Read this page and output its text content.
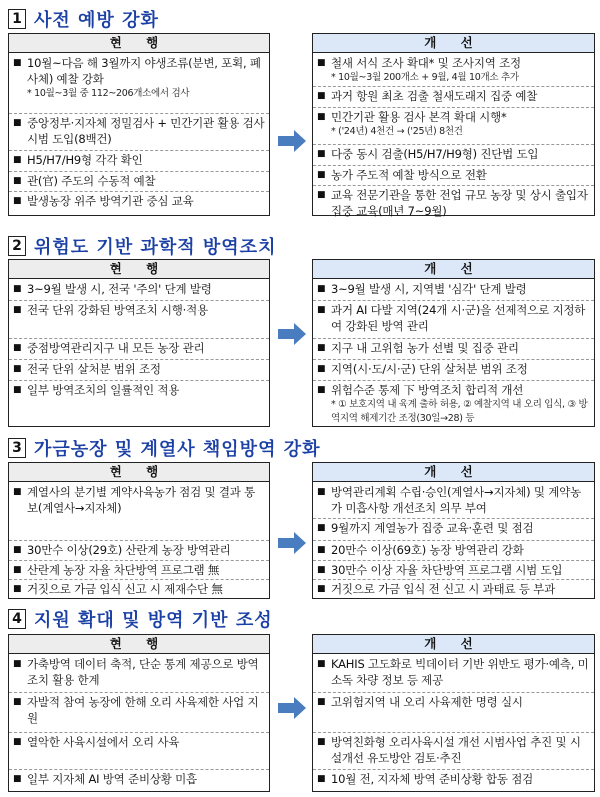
1 사전 예방 강화
현 행
■ 10월~다음 해 3월까지 야생조류(분변, 포획, 폐사체) 예찰 강화
* 10월~3월 중 112~206개소에서 검사
■ 중앙정부·지자체 정밀검사 + 민간기관 활용 검사 시범 도입(8백건)
■ H5/H7/H9형 각각 확인
■ 관(官) 주도의 수동적 예찰
■ 발생농장 위주 방역기관 중심 교육
개 선
■ 철새 서식 조사 확대* 및 조사지역 조정
* 10월~3월 200개소 + 9월, 4월 10개소 추가
■ 과거 항원 최초 검출 철새도래지 집중 예찰
■ 민간기관 활용 검사 본격 확대 시행*
* ('24년) 4천건 → ('25년) 8천건
■ 다중 동시 검출(H5/H7/H9형) 진단법 도입
■ 농가 주도적 예찰 방식으로 전환
■ 교육 전문기관을 통한 전업 규모 농장 및 상시 출입자 집중 교육(매년 7~9월)
2 위험도 기반 과학적 방역조치
현 행
■ 3~9월 발생 시, 전국 '주의' 단계 발령
■ 전국 단위 강화된 방역조치 시행·적용
■ 중점방역관리지구 내 모든 농장 관리
■ 전국 단위 살처분 범위 조정
■ 일부 방역조치의 일률적인 적용
개 선
■ 3~9월 발생 시, 지역별 '심각' 단계 발령
■ 과거 AI 다발 지역(24개 시·군)을 선제적으로 지정하여 강화된 방역 관리
■ 지구 내 고위험 농가 선별 및 집중 관리
■ 지역(시·도/시·군) 단위 살처분 범위 조정
■ 위험수준 통제 下 방역조치 합리적 개선
* ① 보호지역 내 육계 출하 허용, ② 예찰지역 내 오리 입식, ③ 방역지역 해제기간 조정(30일→28) 등
3 가금농장 및 계열사 책임방역 강화
현 행
■ 계열사의 분기별 계약사육농가 점검 및 결과 통보(계열사→지자체)
■ 30만수 이상(29호) 산란계 농장 방역관리
■ 산란계 농장 자율 차단방역 프로그램 無
■ 거짓으로 가금 입식 신고 시 제재수단 無
개 선
■ 방역관리계획 수립·승인(계열사→지자체) 및 계약농가 미흡사항 개선조치 의무 부여
■ 9월까지 계열농가 집중 교육·훈련 및 점검
■ 20만수 이상(69호) 농장 방역관리 강화
■ 30만수 이상 자율 차단방역 프로그램 시범 도입
■ 거짓으로 가금 입식 전 신고 시 과태료 등 부과
4 지원 확대 및 방역 기반 조성
현 행
■ 가축방역 데이터 축적, 단순 통계 제공으로 방역조치 활용 한계
■ 자발적 참여 농장에 한해 오리 사육제한 사업 지원
■ 열악한 사육시설에서 오리 사육
■ 일부 지자체 AI 방역 준비상황 미흡
개 선
■ KAHIS 고도화로 빅데이터 기반 위반도 평가·예측, 미소독 차량 정보 등 제공
■ 고위험지역 내 오리 사육제한 명령 실시
■ 방역친화형 오리사육시설 개선 시범사업 추진 및 시설개선 유도방안 검토·추진
■ 10월 전, 지자체 방역 준비상황 합동 점검
